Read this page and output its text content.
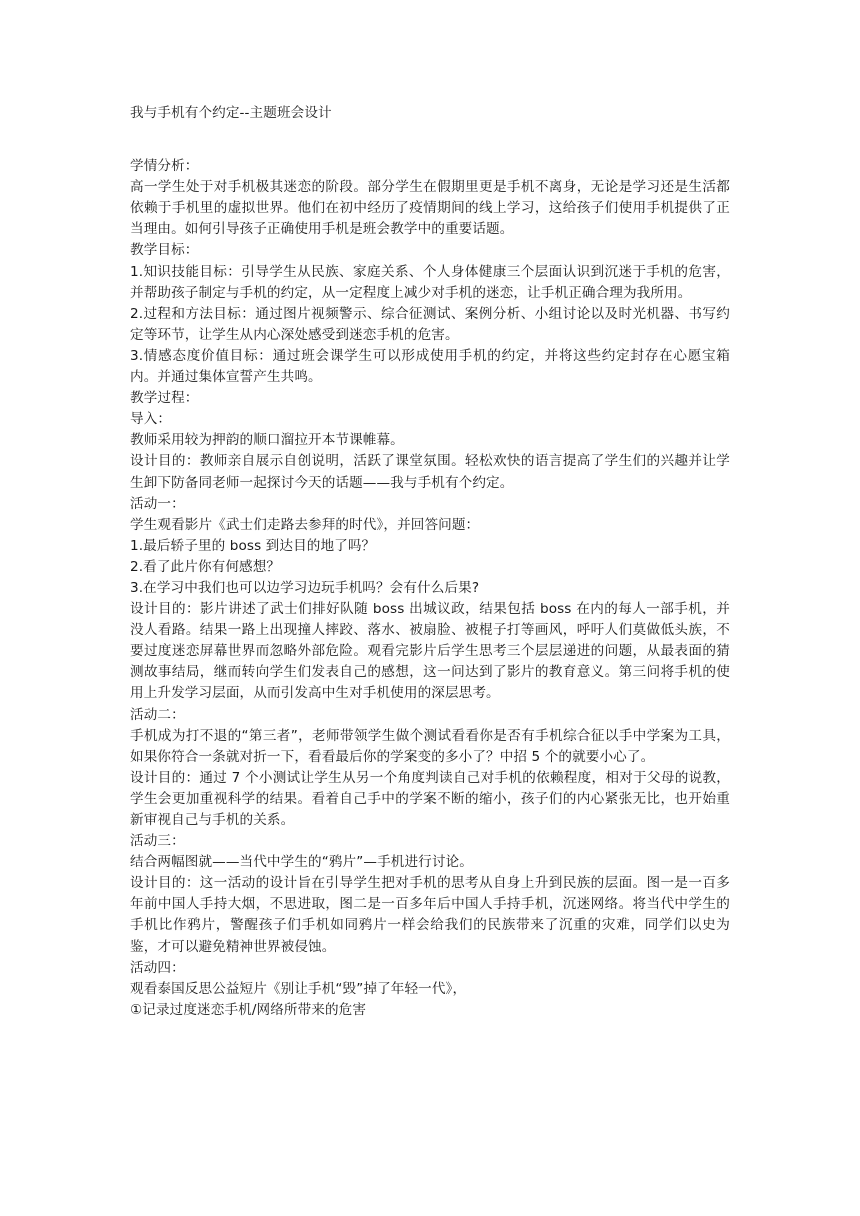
我与手机有个约定--主题班会设计

学情分析：

高一学生处于对手机极其迷恋的阶段。部分学生在假期里更是手机不离身，无论是学习还是生活都依赖于手机里的虚拟世界。他们在初中经历了疫情期间的线上学习，这给孩子们使用手机提供了正当理由。如何引导孩子正确使用手机是班会教学中的重要话题。

教学目标：

1.知识技能目标：引导学生从民族、家庭关系、个人身体健康三个层面认识到沉迷于手机的危害，并帮助孩子制定与手机的约定，从一定程度上减少对手机的迷恋，让手机正确合理为我所用。

2.过程和方法目标：通过图片视频警示、综合征测试、案例分析、小组讨论以及时光机器、书写约定等环节，让学生从内心深处感受到迷恋手机的危害。

3.情感态度价值目标：通过班会课学生可以形成使用手机的约定，并将这些约定封存在心愿宝箱内。并通过集体宣誓产生共鸣。

教学过程：

导入：

教师采用较为押韵的顺口溜拉开本节课帷幕。

设计目的：教师亲自展示自创说明，活跃了课堂氛围。轻松欢快的语言提高了学生们的兴趣并让学生卸下防备同老师一起探讨今天的话题——我与手机有个约定。

活动一：

学生观看影片《武士们走路去参拜的时代》，并回答问题：

1.最后轿子里的 boss 到达目的地了吗？

2.看了此片你有何感想？

3.在学习中我们也可以边学习边玩手机吗？会有什么后果?

设计目的：影片讲述了武士们排好队随 boss 出城议政，结果包括 boss 在内的每人一部手机，并没人看路。结果一路上出现撞人摔跤、落水、被扇脸、被棍子打等画风，呼吁人们莫做低头族，不要过度迷恋屏幕世界而忽略外部危险。观看完影片后学生思考三个层层递进的问题，从最表面的猜测故事结局，继而转向学生们发表自己的感想，这一问达到了影片的教育意义。第三问将手机的使用上升发学习层面，从而引发高中生对手机使用的深层思考。

活动二：

手机成为打不退的“第三者”，老师带领学生做个测试看看你是否有手机综合征以手中学案为工具，如果你符合一条就对折一下，看看最后你的学案变的多小了？中招 5 个的就要小心了。

设计目的：通过 7 个小测试让学生从另一个角度判读自己对手机的依赖程度，相对于父母的说教，学生会更加重视科学的结果。看着自己手中的学案不断的缩小，孩子们的内心紧张无比，也开始重新审视自己与手机的关系。

活动三：

结合两幅图就——当代中学生的“鸦片”—手机进行讨论。

设计目的：这一活动的设计旨在引导学生把对手机的思考从自身上升到民族的层面。图一是一百多年前中国人手持大烟，不思进取，图二是一百多年后中国人手持手机，沉迷网络。将当代中学生的手机比作鸦片，警醒孩子们手机如同鸦片一样会给我们的民族带来了沉重的灾难，同学们以史为鉴，才可以避免精神世界被侵蚀。

活动四：

观看泰国反思公益短片《别让手机“毁”掉了年轻一代》，

①记录过度迷恋手机/网络所带来的危害
